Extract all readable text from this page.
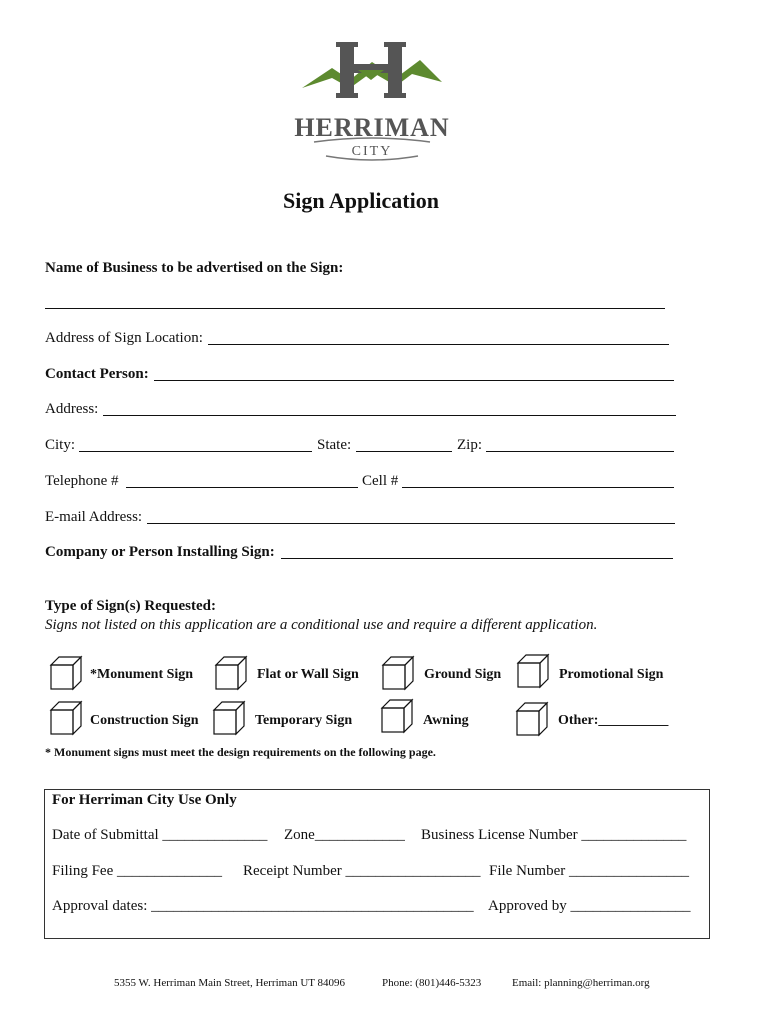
HERRIMAN
CITY
Sign Application
Name of Business to be advertised on the Sign:
Address of Sign Location:
Contact Person:
Address:
City:	State:	Zip:
Telephone #	Cell #
E-mail Address:
Company or Person Installing Sign:
Type of Sign(s) Requested:
Signs not listed on this application are a conditional use and require a different application.
*Monument Sign	Flat or Wall Sign	Ground Sign	Promotional Sign
Construction Sign	Temporary Sign	Awning	Other:__________
* Monument signs must meet the design requirements on the following page.
For Herriman City Use Only
Date of Submittal ______________ Zone____________ Business License Number ______________
Filing Fee ______________ Receipt Number __________________ File Number ________________
Approval dates: ___________________________________________ Approved by ________________
5355 W. Herriman Main Street, Herriman UT 84096	Phone: (801)446-5323	Email: planning@herriman.org
